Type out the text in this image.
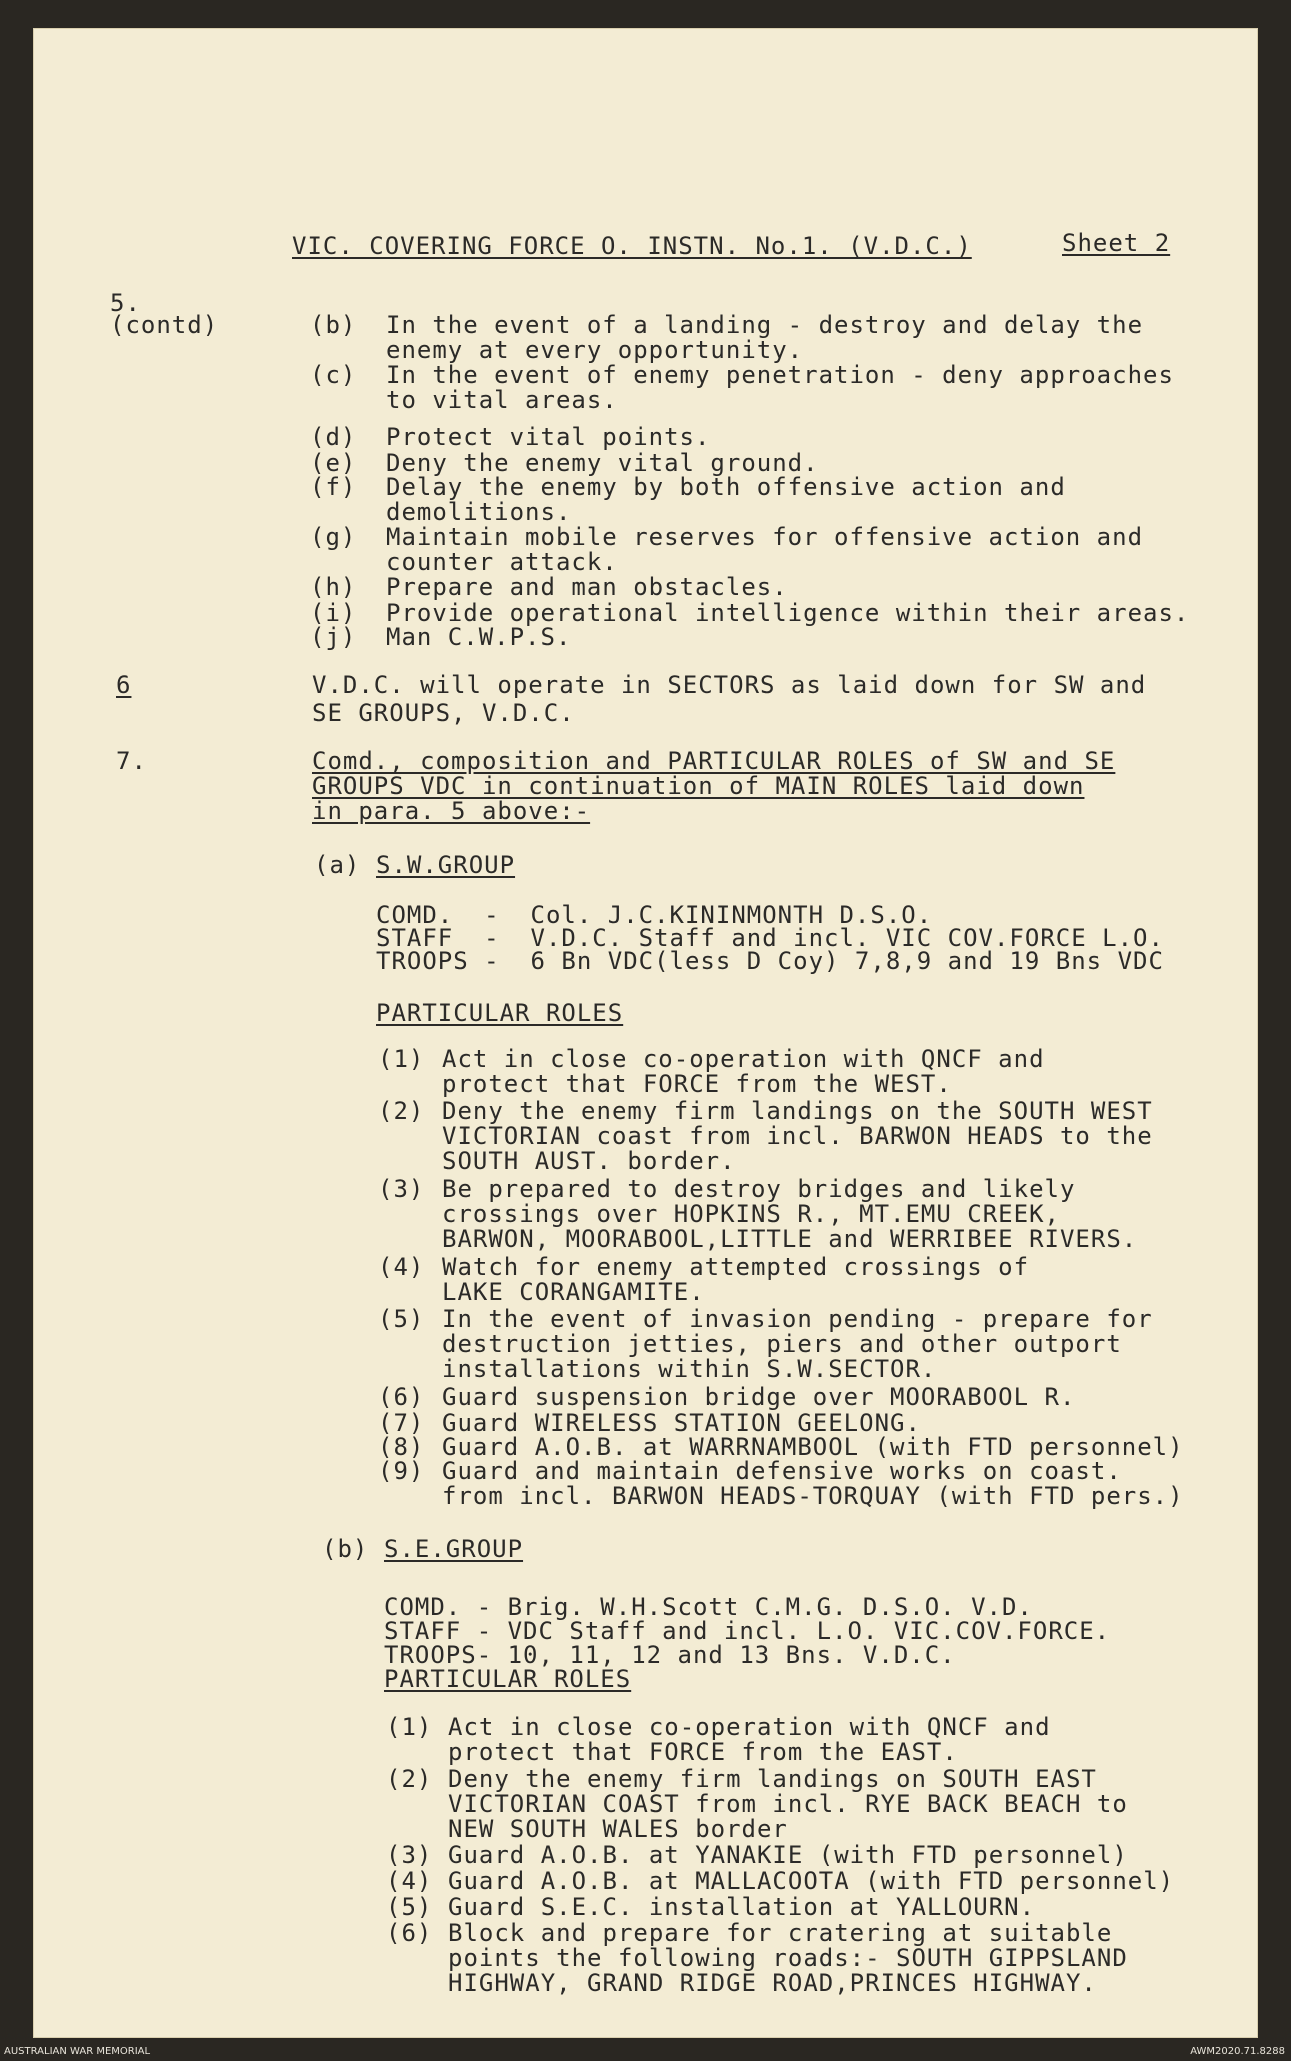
AUSTRALIAN WAR MEMORIAL	AWM2020.71.8288
VIC. COVERING FORCE O. INSTN. No.1. (V.D.C.)	Sheet 2
5.
(contd)	(b) In the event of a landing - destroy and delay the
enemy at every opportunity.
(c) In the event of enemy penetration - deny approaches
to vital areas.
(d) Protect vital points.
(e) Deny the enemy vital ground.
(f) Delay the enemy by both offensive action and
demolitions.
(g) Maintain mobile reserves for offensive action and
counter attack.
(h) Prepare and man obstacles.
(i) Provide operational intelligence within their areas.
(j) Man C.W.P.S.
6	V.D.C. will operate in SECTORS as laid down for SW and
SE GROUPS, V.D.C.
7.	Comd., composition and PARTICULAR ROLES of SW and SE
GROUPS VDC in continuation of MAIN ROLES laid down
in para. 5 above:-
(a) S.W.GROUP
COMD.  -  Col. J.C.KININMONTH D.S.O.
STAFF  -  V.D.C. Staff and incl. VIC COV.FORCE L.O.
TROOPS -  6 Bn VDC(less D Coy) 7,8,9 and 19 Bns VDC
PARTICULAR ROLES
(1) Act in close co-operation with QNCF and
protect that FORCE from the WEST.
(2) Deny the enemy firm landings on the SOUTH WEST
VICTORIAN coast from incl. BARWON HEADS to the
SOUTH AUST. border.
(3) Be prepared to destroy bridges and likely
crossings over HOPKINS R., MT.EMU CREEK,
BARWON, MOORABOOL,LITTLE and WERRIBEE RIVERS.
(4) Watch for enemy attempted crossings of
LAKE CORANGAMITE.
(5) In the event of invasion pending - prepare for
destruction jetties, piers and other outport
installations within S.W.SECTOR.
(6) Guard suspension bridge over MOORABOOL R.
(7) Guard WIRELESS STATION GEELONG.
(8) Guard A.O.B. at WARRNAMBOOL (with FTD personnel)
(9) Guard and maintain defensive works on coast.
from incl. BARWON HEADS-TORQUAY (with FTD pers.)
(b) S.E.GROUP
COMD. - Brig. W.H.Scott C.M.G. D.S.O. V.D.
STAFF - VDC Staff and incl. L.O. VIC.COV.FORCE.
TROOPS- 10, 11, 12 and 13 Bns. V.D.C.
PARTICULAR ROLES
(1) Act in close co-operation with QNCF and
protect that FORCE from the EAST.
(2) Deny the enemy firm landings on SOUTH EAST
VICTORIAN COAST from incl. RYE BACK BEACH to
NEW SOUTH WALES border
(3) Guard A.O.B. at YANAKIE (with FTD personnel)
(4) Guard A.O.B. at MALLACOOTA (with FTD personnel)
(5) Guard S.E.C. installation at YALLOURN.
(6) Block and prepare for cratering at suitable
points the following roads:- SOUTH GIPPSLAND
HIGHWAY, GRAND RIDGE ROAD,PRINCES HIGHWAY.
